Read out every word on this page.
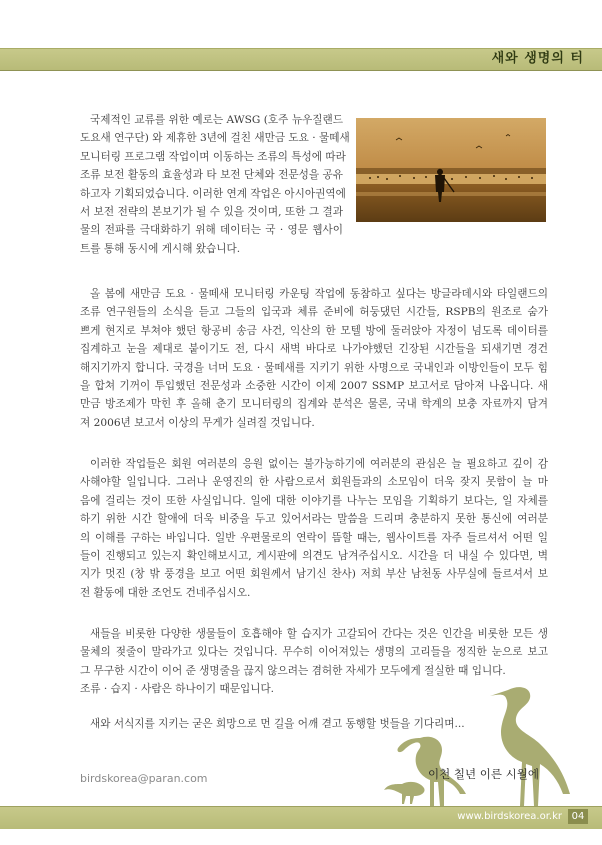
새와 생명의 터
국제적인 교류를 위한 예로는 AWSG (호주 뉴우질랜드
도요새 연구단) 와 제휴한 3년에 걸친 새만금 도요 · 물떼새
모니터링 프로그램 작업이며 이동하는 조류의 특성에 따라
조류 보전 활동의 효율성과 타 보전 단체와 전문성을 공유
하고자 기획되었습니다. 이러한 연계 작업은 아시아권역에
서 보전 전략의 본보기가 될 수 있을 것이며, 또한 그 결과
물의 전파를 극대화하기 위해 데이터는 국 · 영문 웹사이
트를 통해 동시에 게시해 왔습니다.
올 봄에 새만금 도요 · 물떼새 모니터링 카운팅 작업에 동참하고 싶다는 방글라데시와 타일랜드의
조류 연구원들의 소식을 듣고 그들의 입국과 체류 준비에 허둥댔던 시간들, RSPB의 원조로 숨가
쁘게 현지로 부쳐야 했던 항공비 송금 사건, 익산의 한 모텔 방에 둘러앉아 자정이 넘도록 데이터를
집계하고 눈을 제대로 붙이기도 전, 다시 새벽 바다로 나가야했던 긴장된 시간들을 되새기면 경건
해지기까지 합니다. 국경을 너머 도요 · 물떼새를 지키기 위한 사명으로 국내인과 이방인들이 모두 힘
을 합쳐 기꺼이 투입했던 전문성과 소중한 시간이 이제 2007 SSMP 보고서로 담아져 나옵니다. 새
만금 방조제가 막힌 후 올해 춘기 모니터링의 집계와 분석은 물론, 국내 학계의 보충 자료까지 담겨
져 2006년 보고서 이상의 무게가 실려질 것입니다.
이러한 작업들은 회원 여러분의 응원 없이는 불가능하기에 여러분의 관심은 늘 필요하고 깊이 감
사해야할 일입니다. 그러나 운영진의 한 사람으로서 회원들과의 소모임이 더욱 잦지 못함이 늘 마
음에 걸리는 것이 또한 사실입니다. 일에 대한 이야기를 나누는 모임을 기획하기 보다는, 일 자체를
하기 위한 시간 할애에 더욱 비중을 두고 있어서라는 말씀을 드리며 충분하지 못한 통신에 여러분
의 이해를 구하는 바입니다. 일반 우편물로의 연락이 뜸할 때는, 웹사이트를 자주 들르셔서 어떤 일
들이 진행되고 있는지 확인해보시고, 게시판에 의견도 남겨주십시오. 시간을 더 내실 수 있다면, 벽
지가 멋진 (창 밖 풍경을 보고 어떤 회원께서 남기신 찬사) 저희 부산 남천동 사무실에 들르셔서 보
전 활동에 대한 조언도 건네주십시오.
새들을 비롯한 다양한 생물들이 호흡해야 할 습지가 고갈되어 간다는 것은 인간을 비롯한 모든 생
물체의 젖줄이 말라가고 있다는 것입니다. 무수히 이어져있는 생명의 고리들을 정직한 눈으로 보고
그 무구한 시간이 이어 준 생명줄을 끊지 않으려는 겸허한 자세가 모두에게 절실한 때 입니다.
조류 · 습지 · 사람은 하나이기 때문입니다.
새와 서식지를 지키는 굳은 희망으로 먼 길을 어깨 겯고 동행할 벗들을 기다리며...
birdskorea@paran.com	이천 칠년 이른 시월에
www.birdskorea.or.kr 04
